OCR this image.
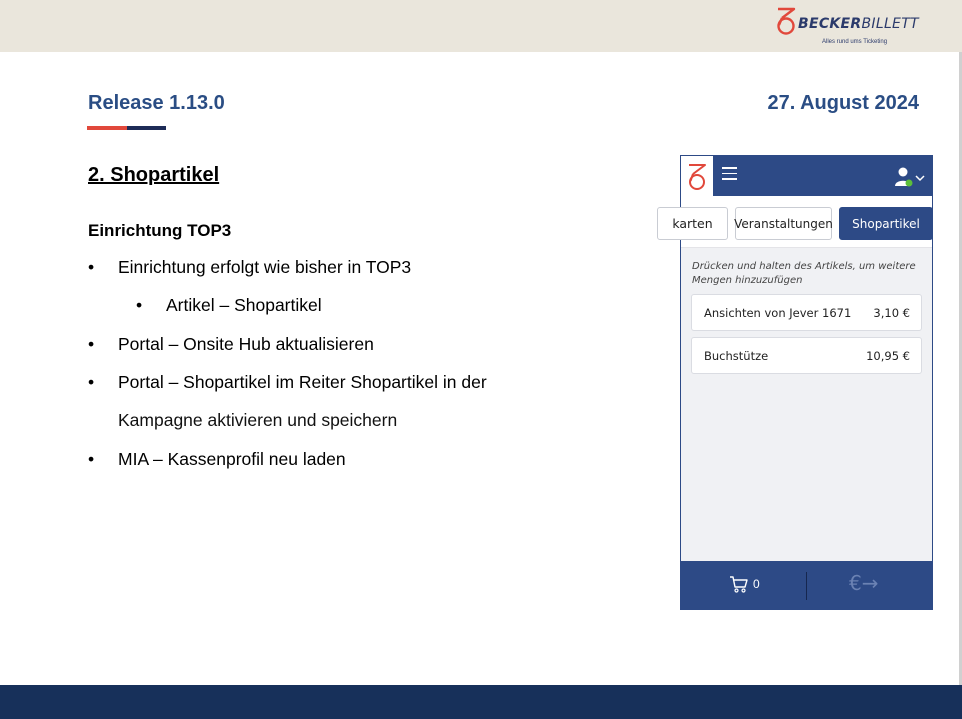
BECKERBILLETT
Alles rund ums Ticketing
Release 1.13.0	27. August 2024
2. Shopartikel
Einrichtung TOP3
• Einrichtung erfolgt wie bisher in TOP3
• Artikel – Shopartikel
• Portal – Onsite Hub aktualisieren
• Portal – Shopartikel im Reiter Shopartikel in der
Kampagne aktivieren und speichern
• MIA – Kassenprofil neu laden
karten	Veranstaltungen	Shopartikel
Drücken und halten des Artikels, um weitere Mengen hinzuzufügen
Ansichten von Jever 1671 3,10 €
Buchstütze	10,95 €
0	€→
